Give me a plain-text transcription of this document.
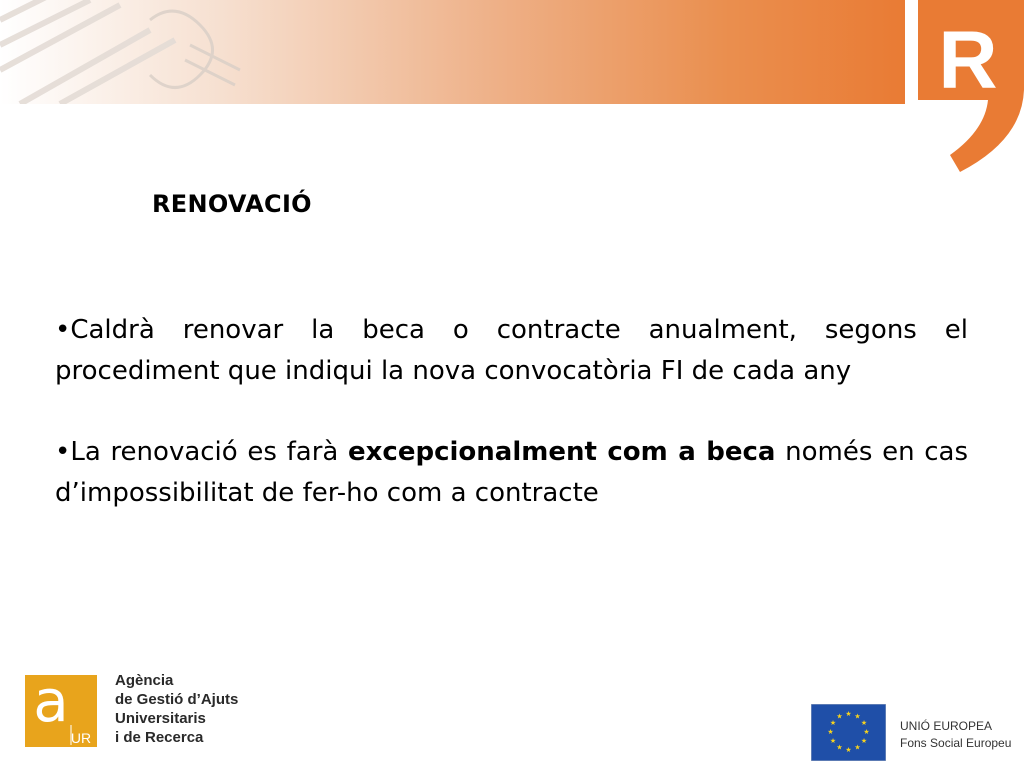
R
RENOVACIÓ

•Caldrà renovar la beca o contracte anualment, segons el procediment que indiqui la nova convocatòria FI de cada any

•La renovació es farà excepcionalment com a beca només en cas d’impossibilitat de fer-ho com a contracte

a
UR
Agència
de Gestió d’Ajuts
Universitaris
i de Recerca
★ ★
★
★
★
★
★
★
★
★
★
★
UNIÓ EUROPEA
Fons Social Europeu
